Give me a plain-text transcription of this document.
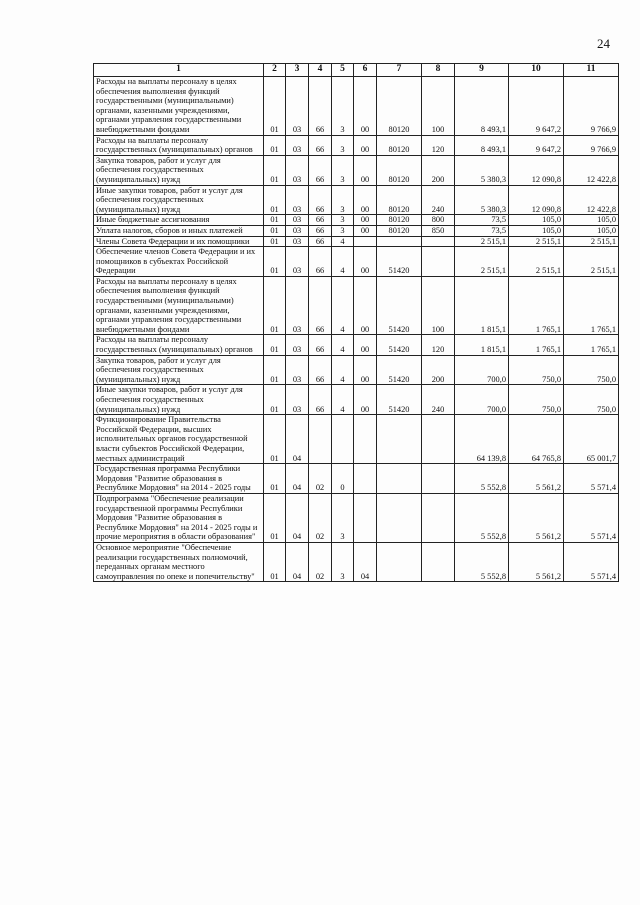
24
1	2	3	4	5	6	7	8	9	10	11

Расходы на выплаты персоналу в целях обеспечения выполнения функций государственными (муниципальными) органами, казенными учреждениями, органами управления государственными внебюджетными фондами	01	03	66	3	00	80120	100	8 493,1	9 647,2	9 766,9

Расходы на выплаты персоналу государственных (муниципальных) органов	01	03	66	3	00	80120	120	8 493,1	9 647,2	9 766,9

Закупка товаров, работ и услуг для обеспечения государственных (муниципальных) нужд	01	03	66	3	00	80120	200	5 380,3	12 090,8	12 422,8

Иные закупки товаров, работ и услуг для обеспечения государственных (муниципальных) нужд	01	03	66	3	00	80120	240	5 380,3	12 090,8	12 422,8

Иные бюджетные ассигнования	01	03	66	3	00	80120	800	73,5	105,0	105,0

Уплата налогов, сборов и иных платежей	01	03	66	3	00	80120	850	73,5	105,0	105,0

Члены Совета Федерации и их помощники	01	03	66	4				2 515,1	2 515,1	2 515,1

Обеспечение членов Совета Федерации и их помощников в субъектах Российской Федерации	01	03	66	4	00	51420		2 515,1	2 515,1	2 515,1

Расходы на выплаты персоналу в целях обеспечения выполнения функций государственными (муниципальными) органами, казенными учреждениями, органами управления государственными внебюджетными фондами	01	03	66	4	00	51420	100	1 815,1	1 765,1	1 765,1

Расходы на выплаты персоналу государственных (муниципальных) органов	01	03	66	4	00	51420	120	1 815,1	1 765,1	1 765,1

Закупка товаров, работ и услуг для обеспечения государственных (муниципальных) нужд	01	03	66	4	00	51420	200	700,0	750,0	750,0

Иные закупки товаров, работ и услуг для обеспечения государственных (муниципальных) нужд	01	03	66	4	00	51420	240	700,0	750,0	750,0

Функционирование Правительства Российской Федерации, высших исполнительных органов государственной власти субъектов Российской Федерации, местных администраций	01	04						64 139,8	64 765,8	65 001,7

Государственная программа Республики Мордовия "Развитие образования в Республике Мордовия" на 2014 - 2025 годы	01	04	02	0				5 552,8	5 561,2	5 571,4

Подпрограмма "Обеспечение реализации государственной программы Республики Мордовия "Развитие образования в Республике Мордовия" на 2014 - 2025 годы и прочие мероприятия в области образования"	01	04	02	3				5 552,8	5 561,2	5 571,4

Основное мероприятие "Обеспечение реализации государственных полномочий, переданных органам местного самоуправления по опеке и попечительству"	01	04	02	3	04			5 552,8	5 561,2	5 571,4
